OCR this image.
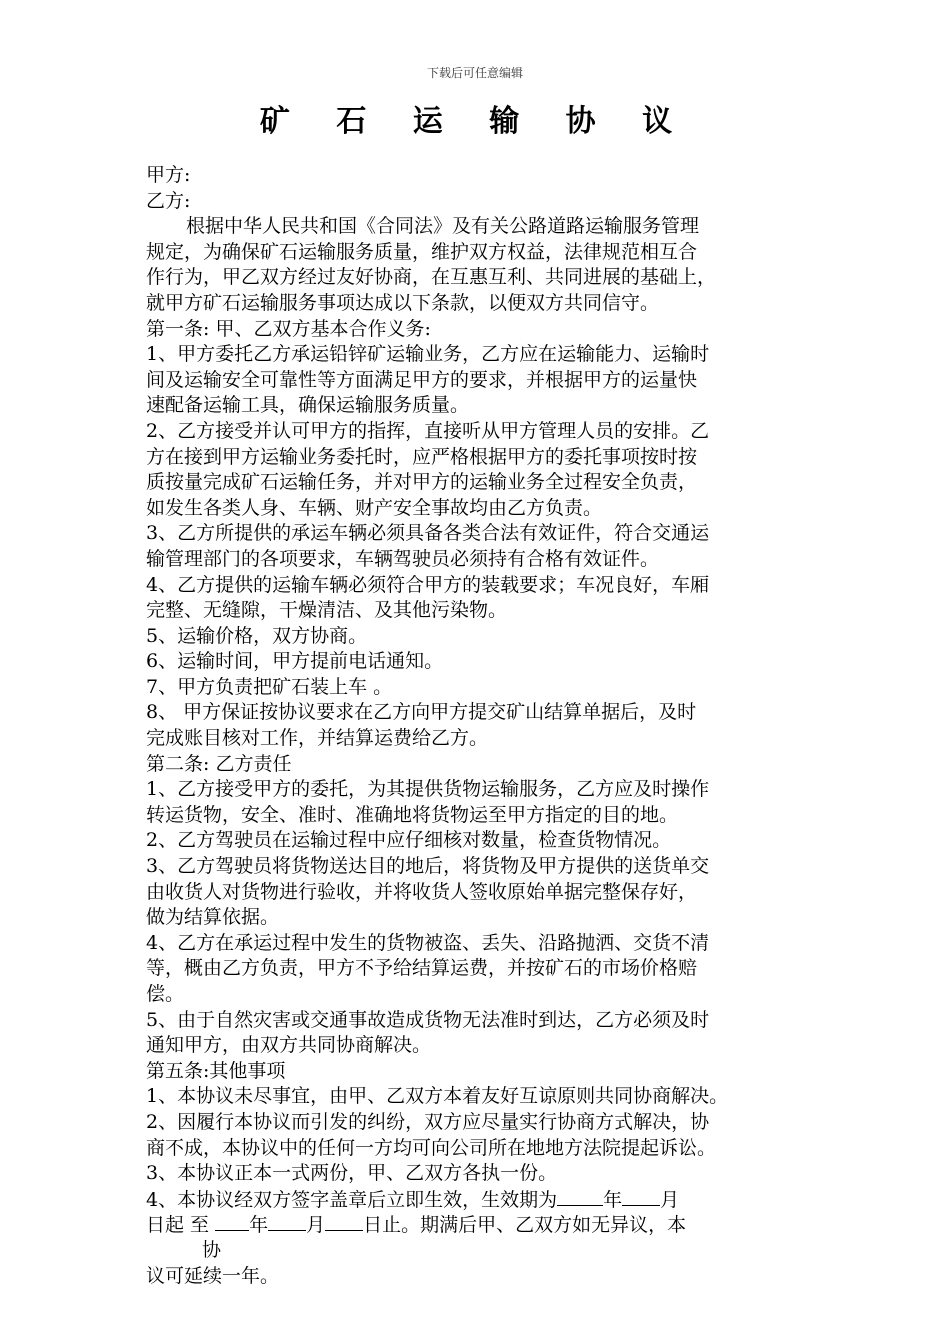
下载后可任意编辑
矿 石 运 输 协 议
甲方:
乙方:
根据中华人民共和国《合同法》及有关公路道路运输服务管理
规定，为确保矿石运输服务质量，维护双方权益，法律规范相互合
作行为，甲乙双方经过友好协商，在互惠互利、共同进展的基础上，
就甲方矿石运输服务事项达成以下条款，以便双方共同信守。
第一条: 甲、乙双方基本合作义务:
1、甲方委托乙方承运铅锌矿运输业务，乙方应在运输能力、运输时
间及运输安全可靠性等方面满足甲方的要求，并根据甲方的运量快
速配备运输工具，确保运输服务质量。
2、乙方接受并认可甲方的指挥，直接听从甲方管理人员的安排。乙
方在接到甲方运输业务委托时，应严格根据甲方的委托事项按时按
质按量完成矿石运输任务，并对甲方的运输业务全过程安全负责，
如发生各类人身、车辆、财产安全事故均由乙方负责。
3、乙方所提供的承运车辆必须具备各类合法有效证件，符合交通运
输管理部门的各项要求，车辆驾驶员必须持有合格有效证件。
4、乙方提供的运输车辆必须符合甲方的装载要求；车况良好，车厢
完整、无缝隙，干燥清洁、及其他污染物。
5、运输价格，双方协商。
6、运输时间，甲方提前电话通知。
7、甲方负责把矿石装上车 。
8、 甲方保证按协议要求在乙方向甲方提交矿山结算单据后，及时
完成账目核对工作，并结算运费给乙方。
第二条: 乙方责任
1、乙方接受甲方的委托，为其提供货物运输服务，乙方应及时操作
转运货物，安全、准时、准确地将货物运至甲方指定的目的地。
2、乙方驾驶员在运输过程中应仔细核对数量，检查货物情况。
3、乙方驾驶员将货物送达目的地后，将货物及甲方提供的送货单交
由收货人对货物进行验收，并将收货人签收原始单据完整保存好，
做为结算依据。
4、乙方在承运过程中发生的货物被盗、丢失、沿路抛洒、交货不清
等，概由乙方负责，甲方不予给结算运费，并按矿石的市场价格赔
偿。
5、由于自然灾害或交通事故造成货物无法准时到达，乙方必须及时
通知甲方，由双方共同协商解决。
第五条:其他事项
1、本协议未尽事宜，由甲、乙双方本着友好互谅原则共同协商解决。
2、因履行本协议而引发的纠纷，双方应尽量实行协商方式解决，协
商不成，本协议中的任何一方均可向公司所在地地方法院提起诉讼。
3、本协议正本一式两份，甲、乙双方各执一份。
4、本协议经双方签字盖章后立即生效，生效期为 年 月
日起 至 年 月 日止。期满后甲、乙双方如无异议，本
协
议可延续一年。
